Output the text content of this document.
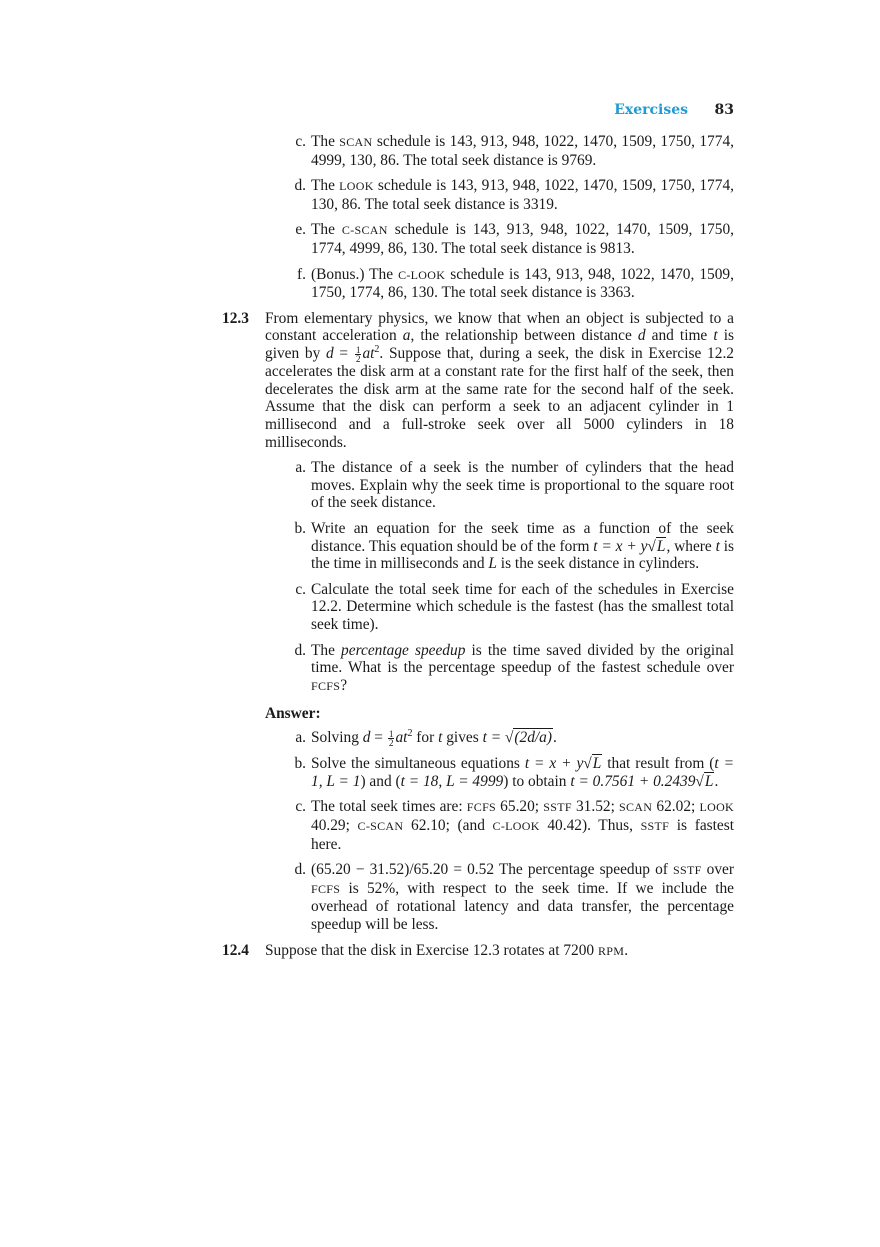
Exercises 83
c. The SCAN schedule is 143, 913, 948, 1022, 1470, 1509, 1750, 1774, 4999, 130, 86. The total seek distance is 9769.
d. The LOOK schedule is 143, 913, 948, 1022, 1470, 1509, 1750, 1774, 130, 86. The total seek distance is 3319.
e. The C-SCAN schedule is 143, 913, 948, 1022, 1470, 1509, 1750, 1774, 4999, 86, 130. The total seek distance is 9813.
f. (Bonus.) The C-LOOK schedule is 143, 913, 948, 1022, 1470, 1509, 1750, 1774, 86, 130. The total seek distance is 3363.
12.3	From elementary physics, we know that when an object is subjected to a constant acceleration a, the relationship between distance d and time t is given by $d = \frac{1}{2} at^2$. Suppose that, during a seek, the disk in Exercise 12.2 accelerates the disk arm at a constant rate for the first half of the seek, then decelerates the disk arm at the same rate for the second half of the seek. Assume that the disk can perform a seek to an adjacent cylinder in 1 millisecond and a full-stroke seek over all 5000 cylinders in 18 milliseconds.
a. The distance of a seek is the number of cylinders that the head moves. Explain why the seek time is proportional to the square root of the seek distance.
b. Write an equation for the seek time as a function of the seek distance. This equation should be of the form t = x + y√L, where t is the time in milliseconds and L is the seek distance in cylinders.
c. Calculate the total seek time for each of the schedules in Exercise 12.2. Determine which schedule is the fastest (has the smallest total seek time).
d. The percentage speedup is the time saved divided by the original time. What is the percentage speedup of the fastest schedule over FCFS?
Answer:
a. Solving $d = \frac{1}{2} at^2$ for t gives t = √(2d/a).
b. Solve the simultaneous equations t = x + y√L that result from (t = 1, L = 1) and (t = 18, L = 4999) to obtain t = 0.7561 + 0.2439√L.
c. The total seek times are: FCFS 65.20; SSTF 31.52; SCAN 62.02; LOOK 40.29; C-SCAN 62.10; (and C-LOOK 40.42). Thus, SSTF is fastest here.
d. (65.20 − 31.52)/65.20 = 0.52 The percentage speedup of SSTF over FCFS is 52%, with respect to the seek time. If we include the overhead of rotational latency and data transfer, the percentage speedup will be less.
12.4	Suppose that the disk in Exercise 12.3 rotates at 7200 RPM.
